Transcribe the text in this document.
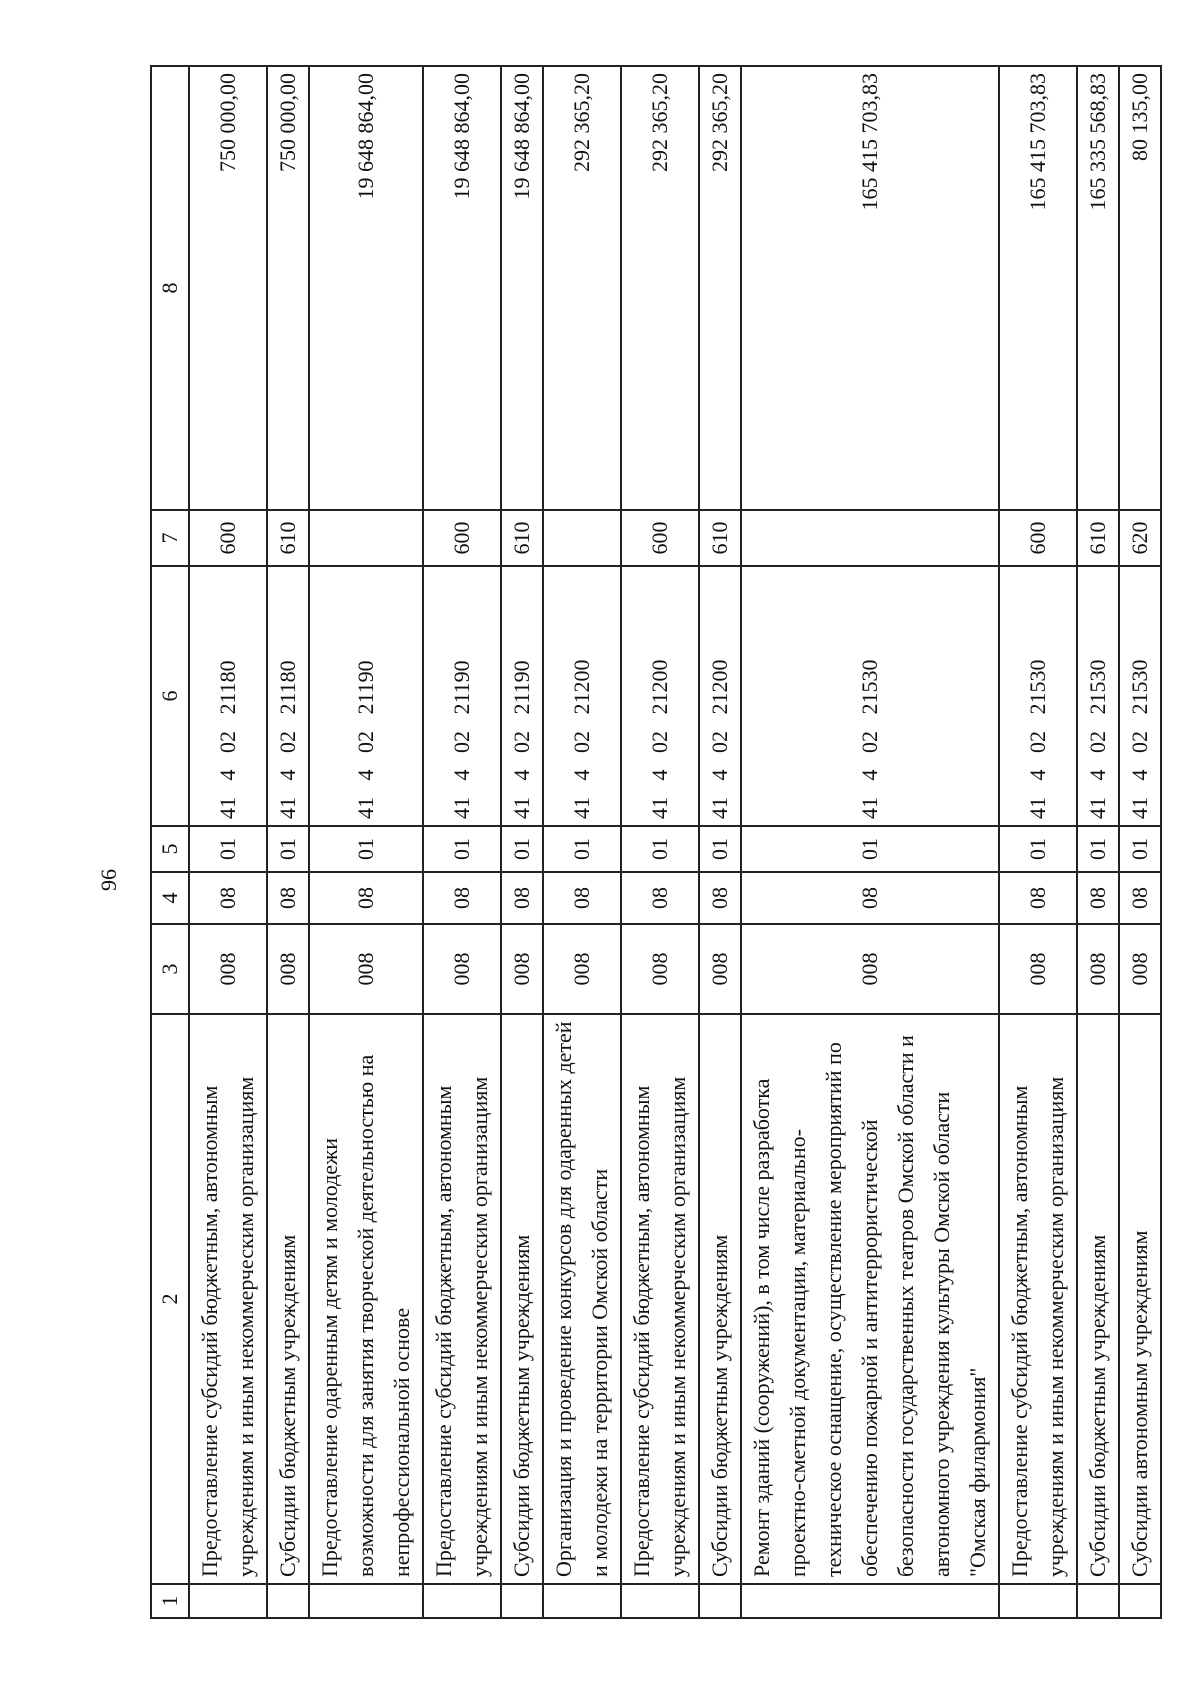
96
1	2	3	4	5	6	7	8
	Предоставление субсидий бюджетным, автономным учреждениям и иным некоммерческим организациям	008	08	01	41   4   02   21180	600	750 000,00
	Субсидии бюджетным учреждениям	008	08	01	41   4   02   21180	610	750 000,00
	Предоставление одаренным детям и молодежи возможности для занятия творческой деятельностью на непрофессиональной основе	008	08	01	41   4   02   21190		19 648 864,00
	Предоставление субсидий бюджетным, автономным учреждениям и иным некоммерческим организациям	008	08	01	41   4   02   21190	600	19 648 864,00
	Субсидии бюджетным учреждениям	008	08	01	41   4   02   21190	610	19 648 864,00
	Организация и проведение конкурсов для одаренных детей и молодежи на территории Омской области	008	08	01	41   4   02   21200		292 365,20
	Предоставление субсидий бюджетным, автономным учреждениям и иным некоммерческим организациям	008	08	01	41   4   02   21200	600	292 365,20
	Субсидии бюджетным учреждениям	008	08	01	41   4   02   21200	610	292 365,20
	Ремонт зданий (сооружений), в том числе разработка проектно-сметной документации, материально-техническое оснащение, осуществление мероприятий по обеспечению пожарной и антитеррористической безопасности государственных театров Омской области и автономного учреждения культуры Омской области "Омская филармония"	008	08	01	41   4   02   21530		165 415 703,83
	Предоставление субсидий бюджетным, автономным учреждениям и иным некоммерческим организациям	008	08	01	41   4   02   21530	600	165 415 703,83
	Субсидии бюджетным учреждениям	008	08	01	41   4   02   21530	610	165 335 568,83
	Субсидии автономным учреждениям	008	08	01	41   4   02   21530	620	80 135,00
